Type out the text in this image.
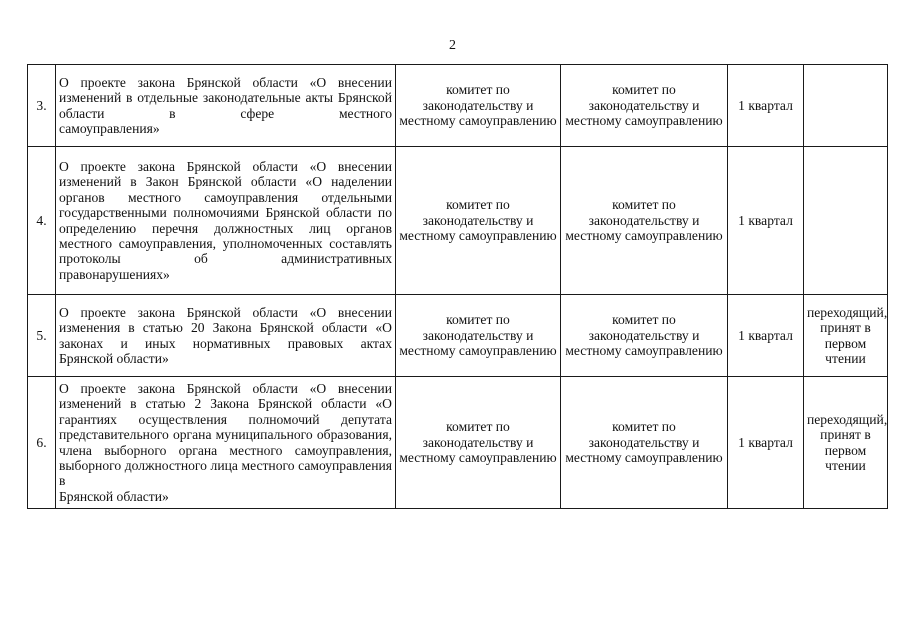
2
3.	О проекте закона Брянской области «О внесении изменений в отдельные законодательные акты Брянской области в сфере местного
самоуправления»	комитет по законодательству и местному самоуправлению	комитет по законодательству и местному самоуправлению	1 квартал	
4.	О проекте закона Брянской области «О внесении изменений в Закон Брянской области «О наделении органов местного самоуправления отдельными государственными полномочиями Брянской области по определению перечня должностных лиц органов местного самоуправления, уполномоченных составлять протоколы об административных
правонарушениях»	комитет по законодательству и местному самоуправлению	комитет по законодательству и местному самоуправлению	1 квартал	
5.	О проекте закона Брянской области «О внесении изменения в статью 20 Закона Брянской области «О законах и иных нормативных правовых актах
Брянской области»	комитет по законодательству и местному самоуправлению	комитет по законодательству и местному самоуправлению	1 квартал	переходящий, принят в первом чтении
6.	О проекте закона Брянской области «О внесении изменений в статью 2 Закона Брянской области «О гарантиях осуществления полномочий депутата представительного органа муниципального образования, члена выборного органа местного самоуправления, выборного должностного лица местного самоуправления в
Брянской области»	комитет по законодательству и местному самоуправлению	комитет по законодательству и местному самоуправлению	1 квартал	переходящий, принят в первом чтении
